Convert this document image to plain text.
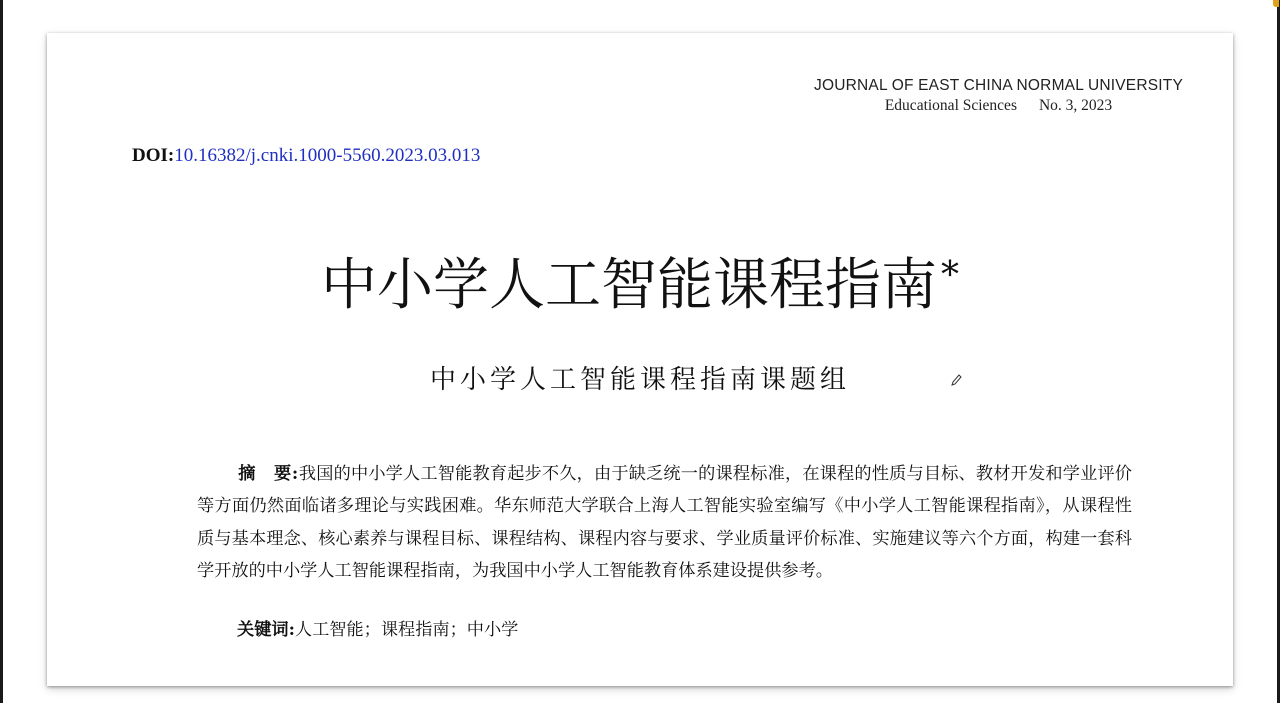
JOURNAL OF EAST CHINA NORMAL UNIVERSITY
Educational Sciences No. 3, 2023
DOI:10.16382/j.cnki.1000-5560.2023.03.013
中小学人工智能课程指南 *
中小学人工智能课程指南课题组
摘　要:我国的中小学人工智能教育起步不久，由于缺乏统一的课程标准，在课程的性质与目标、教材开发和学业评价等方面仍然面临诸多理论与实践困难。华东师范大学联合上海人工智能实验室编写《中小学人工智能课程指南》，从课程性质与基本理念、核心素养与课程目标、课程结构、课程内容与要求、学业质量评价标准、实施建议等六个方面，构建一套科学开放的中小学人工智能课程指南，为我国中小学人工智能教育体系建设提供参考。
关键词:人工智能；课程指南；中小学
